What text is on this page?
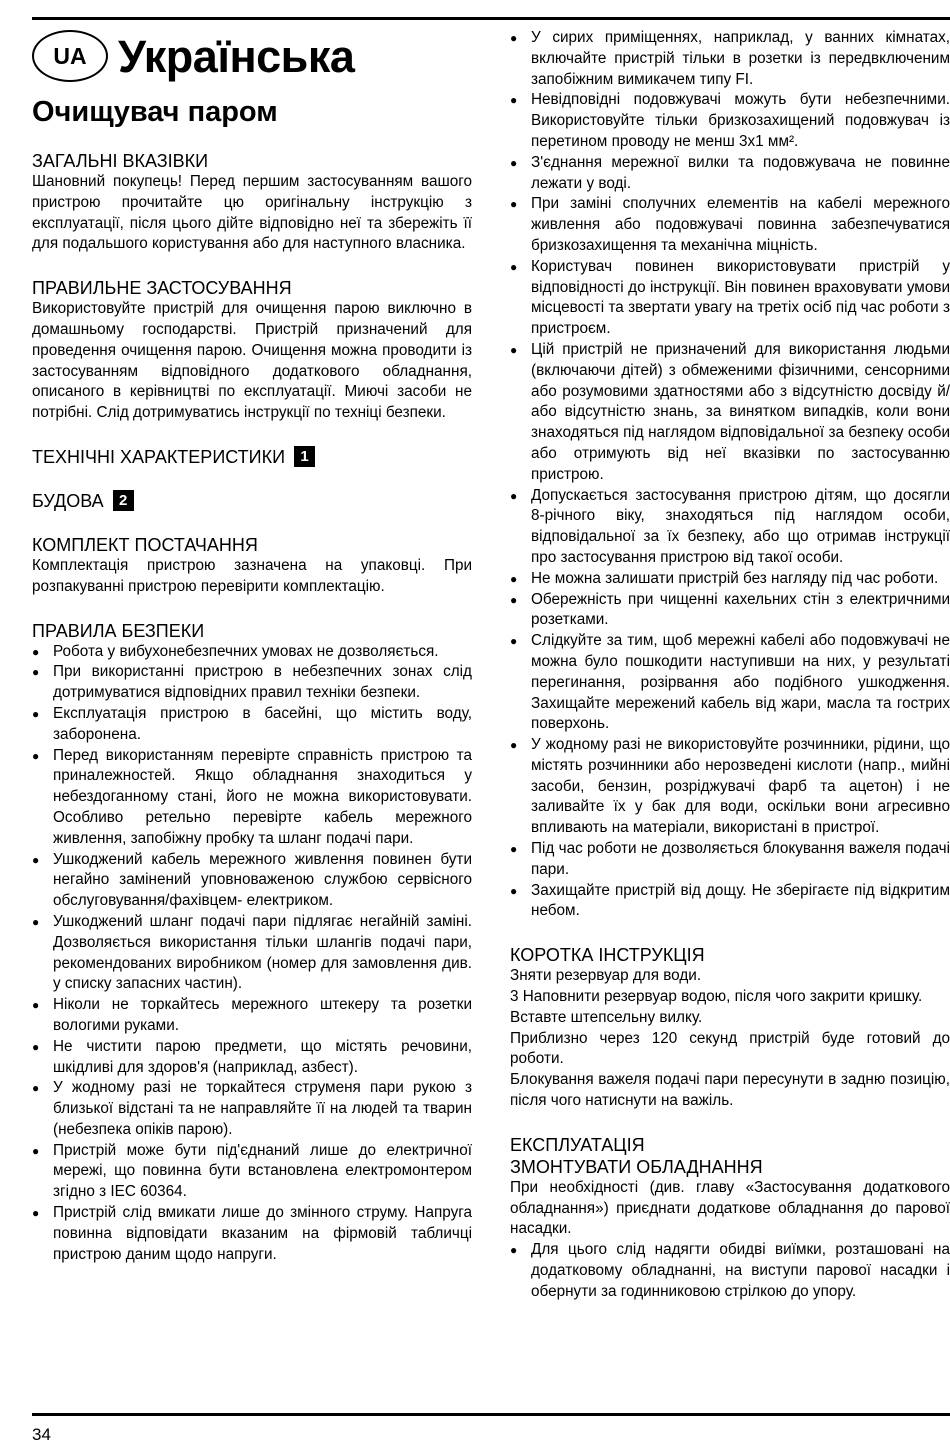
UA Українська
Очищувач паром
ЗАГАЛЬНІ ВКАЗІВКИ

Шановний покупець! Перед першим застосуванням вашого пристрою прочитайте цю оригінальну інструкцію з експлуатації, після цього дійте відповідно неї та збережіть її для подальшого користування або для наступного власника.

ПРАВИЛЬНЕ ЗАСТОСУВАННЯ

Використовуйте пристрій для очищення парою виключно в домашньому господарстві. Пристрій призначений для проведення очищення парою. Очищення можна проводити із застосуванням відповідного додаткового обладнання, описаного в керівництві по експлуатації. Миючі засоби не потрібні. Слід дотримуватись інструкції по техніці безпеки.

ТЕХНІЧНІ ХАРАКТЕРИСТИКИ	1
БУДОВА	2
КОМПЛЕКТ ПОСТАЧАННЯ

Комплектація пристрою зазначена на упаковці. При розпакуванні пристрою перевірити комплектацію.

ПРАВИЛА БЕЗПЕКИ
● Робота у вибухонебезпечних умовах не дозволяється.
● При використанні пристрою в небезпечних зонах слід дотримуватися відповідних правил техніки безпеки.
● Експлуатація пристрою в басейні, що містить воду, заборонена.
● Перед використанням перевірте справність пристрою та приналежностей. Якщо обладнання знаходиться у небездоганному стані, його не можна використовувати. Особливо ретельно перевірте кабель мережного живлення, запобіжну пробку та шланг подачі пари.
● Ушкоджений кабель мережного живлення повинен бути негайно замінений уповноваженою службою сервісного обслуговування/фахівцем- електриком.
● Ушкоджений шланг подачі пари підлягає негайній заміні. Дозволяється використання тільки шлангів подачі пари, рекомендованих виробником (номер для замовлення див. у списку запасних частин).
● Ніколи не торкайтесь мережного штекеру та розетки вологими руками.
● Не чистити парою предмети, що містять речовини, шкідливі для здоров'я (наприклад, азбест).
● У жодному разі не торкайтеся струменя пари рукою з близької відстані та не направляйте її на людей та тварин (небезпека опіків парою).
● Пристрій може бути під'єднаний лише до електричної мережі, що повинна бути встановлена електромонтером згідно з IEC 60364.
● Пристрій слід вмикати лише до змінного струму. Напруга повинна відповідати вказаним на фірмовій табличці пристрою даним щодо напруги.
● У сирих приміщеннях, наприклад, у ванних кімнатах, включайте пристрій тільки в розетки із передвключеним запобіжним вимикачем типу FI.
● Невідповідні подовжувачі можуть бути небезпечними. Використовуйте тільки бризкозахищений подовжувач із перетином проводу не менш 3x1 мм².
● З'єднання мережної вилки та подовжувача не повинне лежати у воді.
● При заміні сполучних елементів на кабелі мережного живлення або подовжувачі повинна забезпечуватися бризкозахищення та механічна міцність.
● Користувач повинен використовувати пристрій у відповідності до інструкції. Він повинен враховувати умови місцевості та звертати увагу на третіх осіб під час роботи з пристроєм.
● Цій пристрій не призначений для використання людьми (включаючи дітей) з обмеженими фізичними, сенсорними або розумовими здатностями або з відсутністю досвіду й/або відсутністю знань, за винятком випадків, коли вони знаходяться під наглядом відповідальної за безпеку особи або отримують від неї вказівки по застосуванню пристрою.
● Допускається застосування пристрою дітям, що досягли 8-річного віку, знаходяться під наглядом особи, відповідальної за їх безпеку, або що отримав інструкції про застосування пристрою від такої особи.
● Не можна залишати пристрій без нагляду під час роботи.
● Обережність при чищенні кахельних стін з електричними розетками.
● Слідкуйте за тим, щоб мережні кабелі або подовжувачі не можна було пошкодити наступивши на них, у результаті перегинання, розірвання або подібного ушкодження. Захищайте мережений кабель від жари, масла та гострих поверхонь.
● У жодному разі не використовуйте розчинники, рідини, що містять розчинники або нерозведені кислоти (напр., мийні засоби, бензин, розріджувачі фарб та ацетон) і не заливайте їх у бак для води, оскільки вони агресивно впливають на матеріали, використані в пристрої.
● Під час роботи не дозволяється блокування важеля подачі пари.
● Захищайте пристрій від дощу. Не зберігаєте під відкритим небом.
КОРОТКА ІНСТРУКЦІЯ

Зняти резервуар для води.

3 Наповнити резервуар водою, після чого закрити кришку.

Вставте штепсельну вилку.

Приблизно через 120 секунд пристрій буде готовий до роботи.

Блокування важеля подачі пари пересунути в задню позицію, після чого натиснути на важіль.

ЕКСПЛУАТАЦІЯ
ЗМОНТУВАТИ ОБЛАДНАННЯ

При необхідності (див. главу «Застосування додаткового обладнання») приєднати додаткове обладнання до парової насадки.

● Для цього слід надягти обидві виїмки, розташовані на додатковому обладнанні, на виступи парової насадки і обернути за годинниковою стрілкою до упору.
34
